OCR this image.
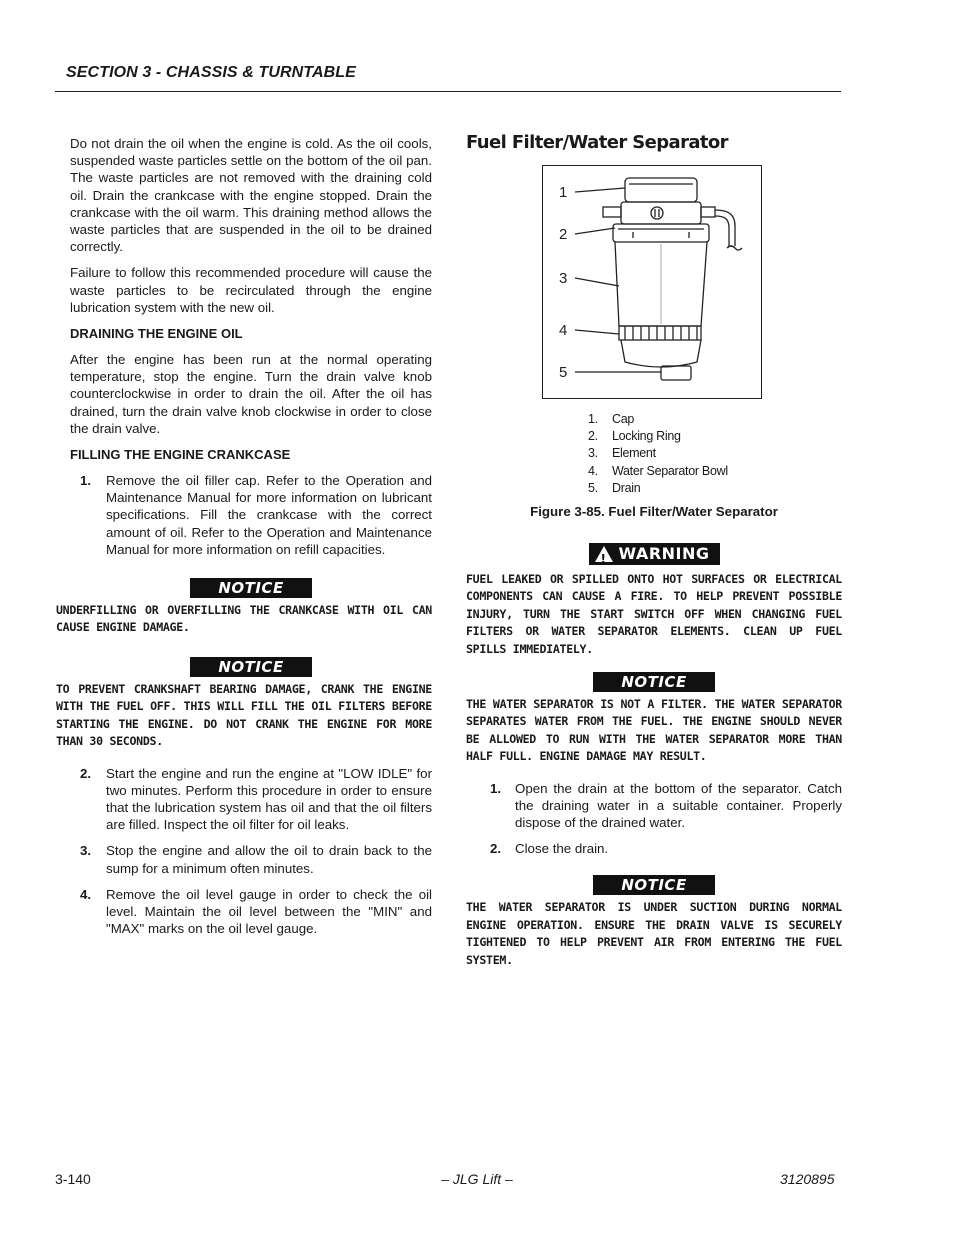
SECTION 3 - CHASSIS & TURNTABLE

Do not drain the oil when the engine is cold. As the oil cools, suspended waste particles settle on the bottom of the oil pan. The waste particles are not removed with the draining cold oil. Drain the crankcase with the engine stopped. Drain the crankcase with the oil warm. This draining method allows the waste particles that are suspended in the oil to be drained correctly.

Failure to follow this recommended procedure will cause the waste particles to be recirculated through the engine lubrication system with the new oil.

DRAINING THE ENGINE OIL

After the engine has been run at the normal operating temperature, stop the engine. Turn the drain valve knob counterclockwise in order to drain the oil. After the oil has drained, turn the drain valve knob clockwise in order to close the drain valve.

FILLING THE ENGINE CRANKCASE
1. Remove the oil filler cap. Refer to the Operation and Maintenance Manual for more information on lubricant specifications. Fill the crankcase with the correct amount of oil. Refer to the Operation and Maintenance Manual for more information on refill capacities.
NOTICE

UNDERFILLING OR OVERFILLING THE CRANKCASE WITH OIL CAN CAUSE ENGINE DAMAGE.

NOTICE

TO PREVENT CRANKSHAFT BEARING DAMAGE, CRANK THE ENGINE WITH THE FUEL OFF. THIS WILL FILL THE OIL FILTERS BEFORE STARTING THE ENGINE. DO NOT CRANK THE ENGINE FOR MORE THAN 30 SECONDS.

2. Start the engine and run the engine at "LOW IDLE" for two minutes. Perform this procedure in order to ensure that the lubrication system has oil and that the oil filters are filled. Inspect the oil filter for oil leaks.
3. Stop the engine and allow the oil to drain back to the sump for a minimum often minutes.
4. Remove the oil level gauge in order to check the oil level. Maintain the oil level between the "MIN" and "MAX" marks on the oil level gauge.
Fuel Filter/Water Separator
1
2
3
4
5
1.	Cap
2.	Locking Ring
3.	Element
4.	Water Separator Bowl
5.	Drain
Figure 3-85. Fuel Filter/Water Separator
!
WARNING

FUEL LEAKED OR SPILLED ONTO HOT SURFACES OR ELECTRICAL COMPONENTS CAN CAUSE A FIRE. TO HELP PREVENT POSSIBLE INJURY, TURN THE START SWITCH OFF WHEN CHANGING FUEL FILTERS OR WATER SEPARATOR ELEMENTS. CLEAN UP FUEL SPILLS IMMEDIATELY.

NOTICE

THE WATER SEPARATOR IS NOT A FILTER. THE WATER SEPARATOR SEPARATES WATER FROM THE FUEL. THE ENGINE SHOULD NEVER BE ALLOWED TO RUN WITH THE WATER SEPARATOR MORE THAN HALF FULL. ENGINE DAMAGE MAY RESULT.

1. Open the drain at the bottom of the separator. Catch the draining water in a suitable container. Properly dispose of the drained water.
2. Close the drain.
NOTICE

THE WATER SEPARATOR IS UNDER SUCTION DURING NORMAL ENGINE OPERATION. ENSURE THE DRAIN VALVE IS SECURELY TIGHTENED TO HELP PREVENT AIR FROM ENTERING THE FUEL SYSTEM.

3-140	– JLG Lift –	3120895
